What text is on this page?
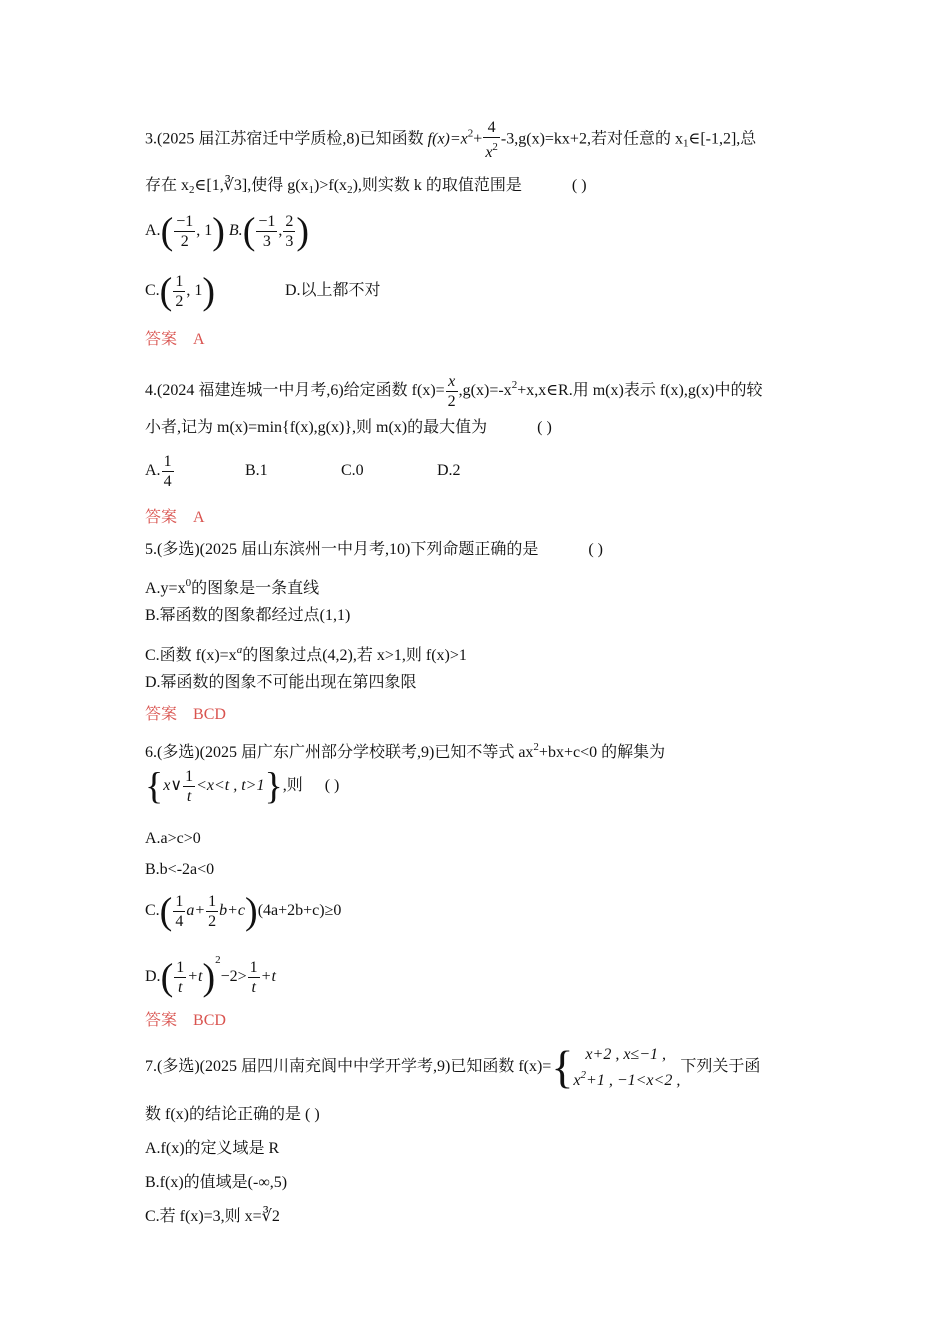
3.(2025 届江苏宿迁中学质检,8)已知函数 $f(x)=x^2+ \frac{4}{x^2} -3,g(x)=kx+2$,若对任意的 $x_1\in[-1,2]$,总
存在 $x_2\in[1,∛3]$,使得 $g(x_1)>f(x_2)$,则实数 k 的取值范围是	( )
$A.( \frac{-1}{2}$ , 1) $B.( \frac{-1}{3}$ , $\frac{2}{3}$ )
$C.( \frac{1}{2}$ , 1)	D.以上都不对
答案 A
4.(2024 福建连城一中月考,6)给定函数 $f(x)= \frac{x}{2}$ $,g(x)=-x^2+x,x\in R$.用 m(x)表示 f(x),g(x)中的较
小者,记为 m(x)=min{f(x),g(x)},则 m(x)的最大值为	( )
A. $\frac{1}{4}$	B.1	C.0	D.2
答案 A
5.(多选)(2025 届山东滨州一中月考,10)下列命题正确的是	( )
$A.y=x^0$的图象是一条直线
B.幂函数的图象都经过点(1,1)
C.函数 $f(x)=x^a$的图象过点(4,2),若 x>1,则 f(x)>1
D.幂函数的图象不可能出现在第四象限
答案 BCD
6.(多选)(2025 届广东广州部分学校联考,9)已知不等式 $ax^2+bx+c<0$ 的解集为
{x∨ $\frac{1}{t} <x<t$ , t>1},则 ( )
A.a>c>0
B.b<-2a<0
$C.( \frac{1}{4} a+ \frac{1}{2} b+c)(4a+2b+c)\ge 0$
$D.( \frac{1}{t} +t)^2-2> \frac{1}{t} +t$
答案 BCD
7.(多选)(2025 届四川南充阆中中学开学考,9)已知函数 f(x)={ x+2 , x≤−1 ,
$x^2+1$ , −1<x<2 ,
下列关于函
数 f(x)的结论正确的是 ( )
A.f(x)的定义域是 R
B.f(x)的值域是(-∞,5)
C.若 f(x)=3,则 x=∛2
